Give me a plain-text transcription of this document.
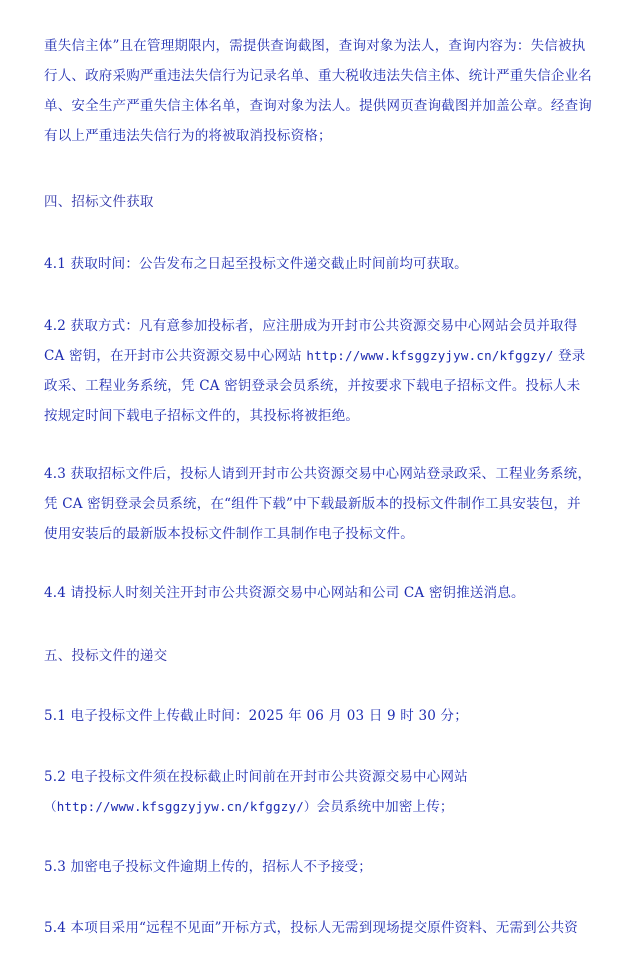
重失信主体”且在管理期限内，需提供查询截图，查询对象为法人，查询内容为：失信被执行人、政府采购严重违法失信行为记录名单、重大税收违法失信主体、统计严重失信企业名单、安全生产严重失信主体名单，查询对象为法人。提供网页查询截图并加盖公章。经查询有以上严重违法失信行为的将被取消投标资格；

四、招标文件获取

4.1 获取时间：公告发布之日起至投标文件递交截止时间前均可获取。

4.2 获取方式：凡有意参加投标者，应注册成为开封市公共资源交易中心网站会员并取得 CA 密钥，在开封市公共资源交易中心网站 http://www.kfsggzyjyw.cn/kfggzy/ 登录政采、工程业务系统，凭 CA 密钥登录会员系统，并按要求下载电子招标文件。投标人未按规定时间下载电子招标文件的，其投标将被拒绝。

4.3 获取招标文件后，投标人请到开封市公共资源交易中心网站登录政采、工程业务系统，凭 CA 密钥登录会员系统，在“组件下载”中下载最新版本的投标文件制作工具安装包，并使用安装后的最新版本投标文件制作工具制作电子投标文件。

4.4 请投标人时刻关注开封市公共资源交易中心网站和公司 CA 密钥推送消息。

五、投标文件的递交

5.1 电子投标文件上传截止时间：2025 年 06 月 03 日 9 时 30 分；

5.2 电子投标文件须在投标截止时间前在开封市公共资源交易中心网站
（http://www.kfsggzyjyw.cn/kfggzy/）会员系统中加密上传；

5.3 加密电子投标文件逾期上传的，招标人不予接受；

5.4 本项目采用“远程不见面”开标方式，投标人无需到现场提交原件资料、无需到公共资
